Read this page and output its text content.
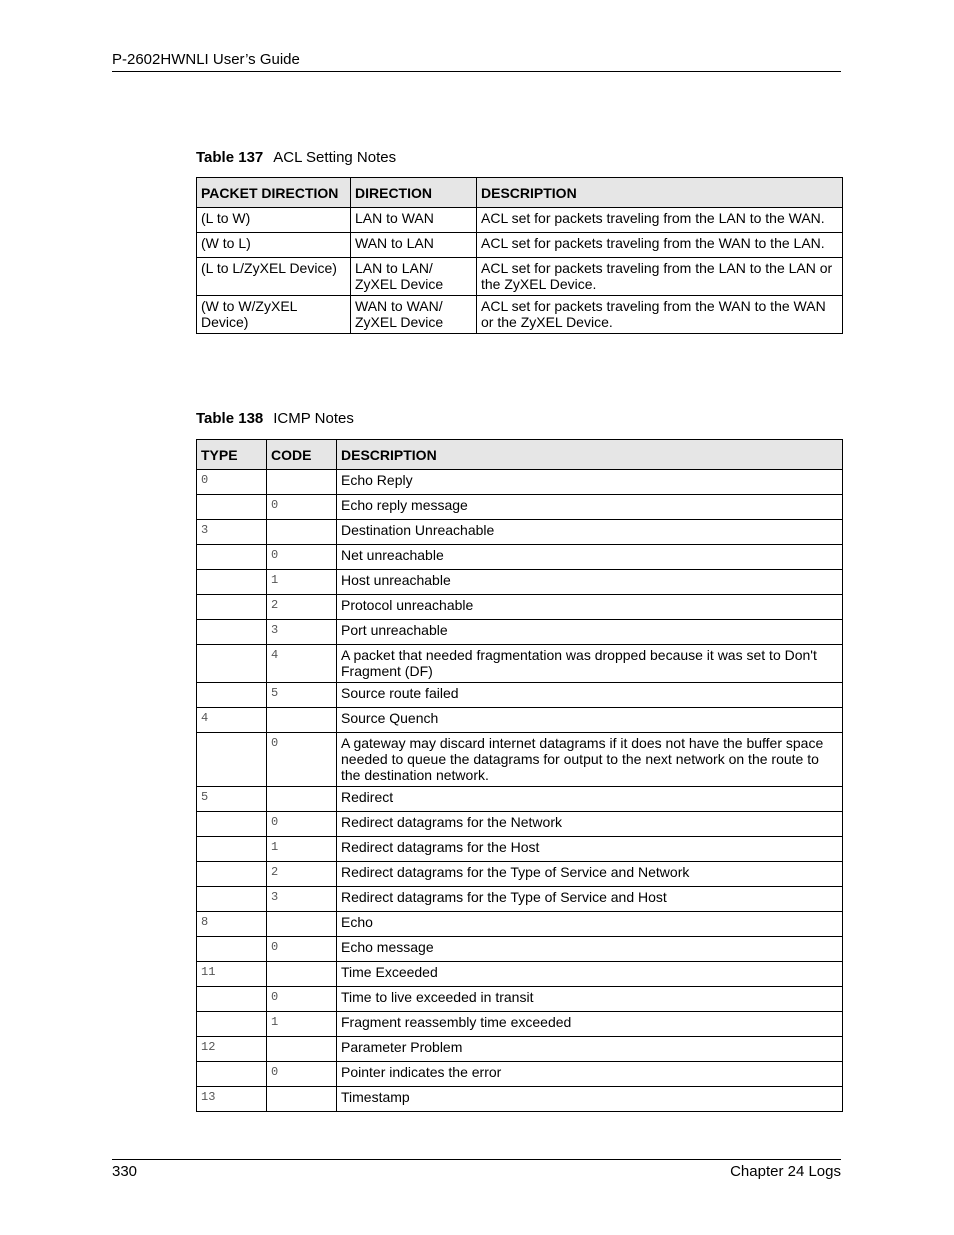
P-2602HWNLI User’s Guide
Table 137 ACL Setting Notes
PACKET DIRECTION	DIRECTION	DESCRIPTION
(L to W)	LAN to WAN	ACL set for packets traveling from the LAN to the WAN.
(W to L)	WAN to LAN	ACL set for packets traveling from the WAN to the LAN.
(L to L/ZyXEL Device)	LAN to LAN/ ZyXEL Device	ACL set for packets traveling from the LAN to the LAN or the ZyXEL Device.
(W to W/ZyXEL Device)	WAN to WAN/ ZyXEL Device	ACL set for packets traveling from the WAN to the WAN or the ZyXEL Device.
Table 138 ICMP Notes
TYPE	CODE	DESCRIPTION
0		Echo Reply
	0	Echo reply message
3		Destination Unreachable
	0	Net unreachable
	1	Host unreachable
	2	Protocol unreachable
	3	Port unreachable
	4	A packet that needed fragmentation was dropped because it was set to Don't Fragment (DF)
	5	Source route failed
4		Source Quench
	0	A gateway may discard internet datagrams if it does not have the buffer space needed to queue the datagrams for output to the next network on the route to the destination network.
5		Redirect
	0	Redirect datagrams for the Network
	1	Redirect datagrams for the Host
	2	Redirect datagrams for the Type of Service and Network
	3	Redirect datagrams for the Type of Service and Host
8		Echo
	0	Echo message
11		Time Exceeded
	0	Time to live exceeded in transit
	1	Fragment reassembly time exceeded
12		Parameter Problem
	0	Pointer indicates the error
13		Timestamp
330	Chapter 24 Logs
